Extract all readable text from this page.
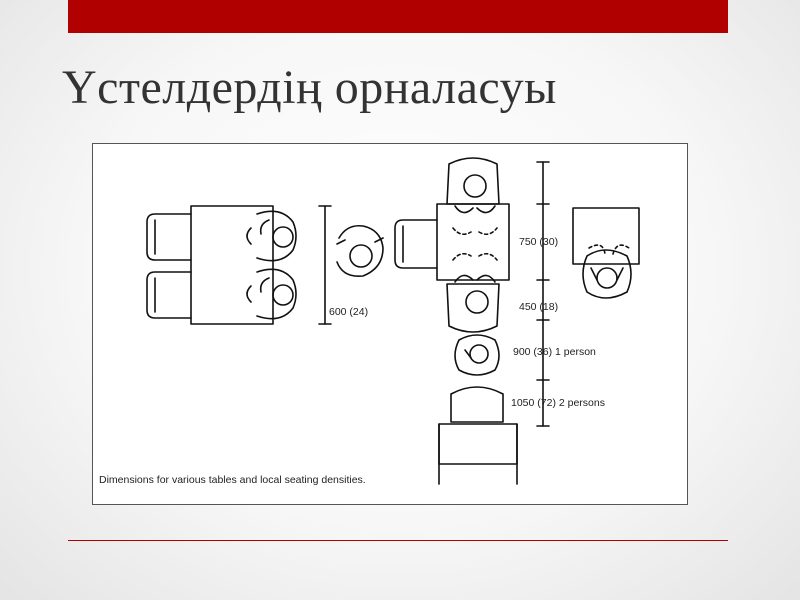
Үстелдердің орналасуы
600 (24)
750 (30)
450 (18)
900 (36) 1 person
1050 (72) 2 persons
Dimensions for various tables and local seating densities.
